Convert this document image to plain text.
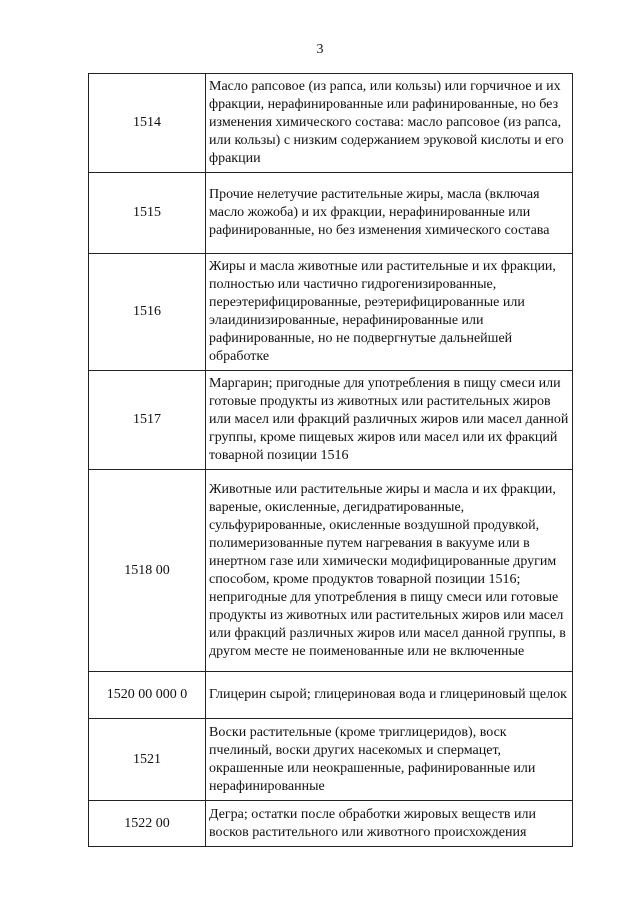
3
1514	Масло рапсовое (из рапса, или кользы) или горчичное и их фракции, нерафинированные или рафинированные, но без изменения химического состава: масло рапсовое (из рапса, или кользы) с низким содержанием эруковой кислоты и его фракции
1515	Прочие нелетучие растительные жиры, масла (включая масло жожоба) и их фракции, нерафинированные или рафинированные, но без изменения химического состава
1516	Жиры и масла животные или растительные и их фракции, полностью или частично гидрогенизированные, переэтерифицированные, реэтерифицированные или элаидинизированные, нерафинированные или рафинированные, но не подвергнутые дальнейшей обработке
1517	Маргарин; пригодные для употребления в пищу смеси или готовые продукты из животных или растительных жиров или масел или фракций различных жиров или масел данной группы, кроме пищевых жиров или масел или их фракций товарной позиции 1516
1518 00	Животные или растительные жиры и масла и их фракции, вареные, окисленные, дегидратированные, сульфурированные, окисленные воздушной продувкой, полимеризованные путем нагревания в вакууме или в инертном газе или химически модифицированные другим способом, кроме продуктов товарной позиции 1516; непригодные для употребления в пищу смеси или готовые продукты из животных или растительных жиров или масел или фракций различных жиров или масел данной группы, в другом месте не поименованные или не включенные
1520 00 000 0	Глицерин сырой; глицериновая вода и глицериновый щелок
1521	Воски растительные (кроме триглицеридов), воск пчелиный, воски других насекомых и спермацет, окрашенные или неокрашенные, рафинированные или нерафинированные
1522 00	Дегра; остатки после обработки жировых веществ или восков растительного или животного происхождения
